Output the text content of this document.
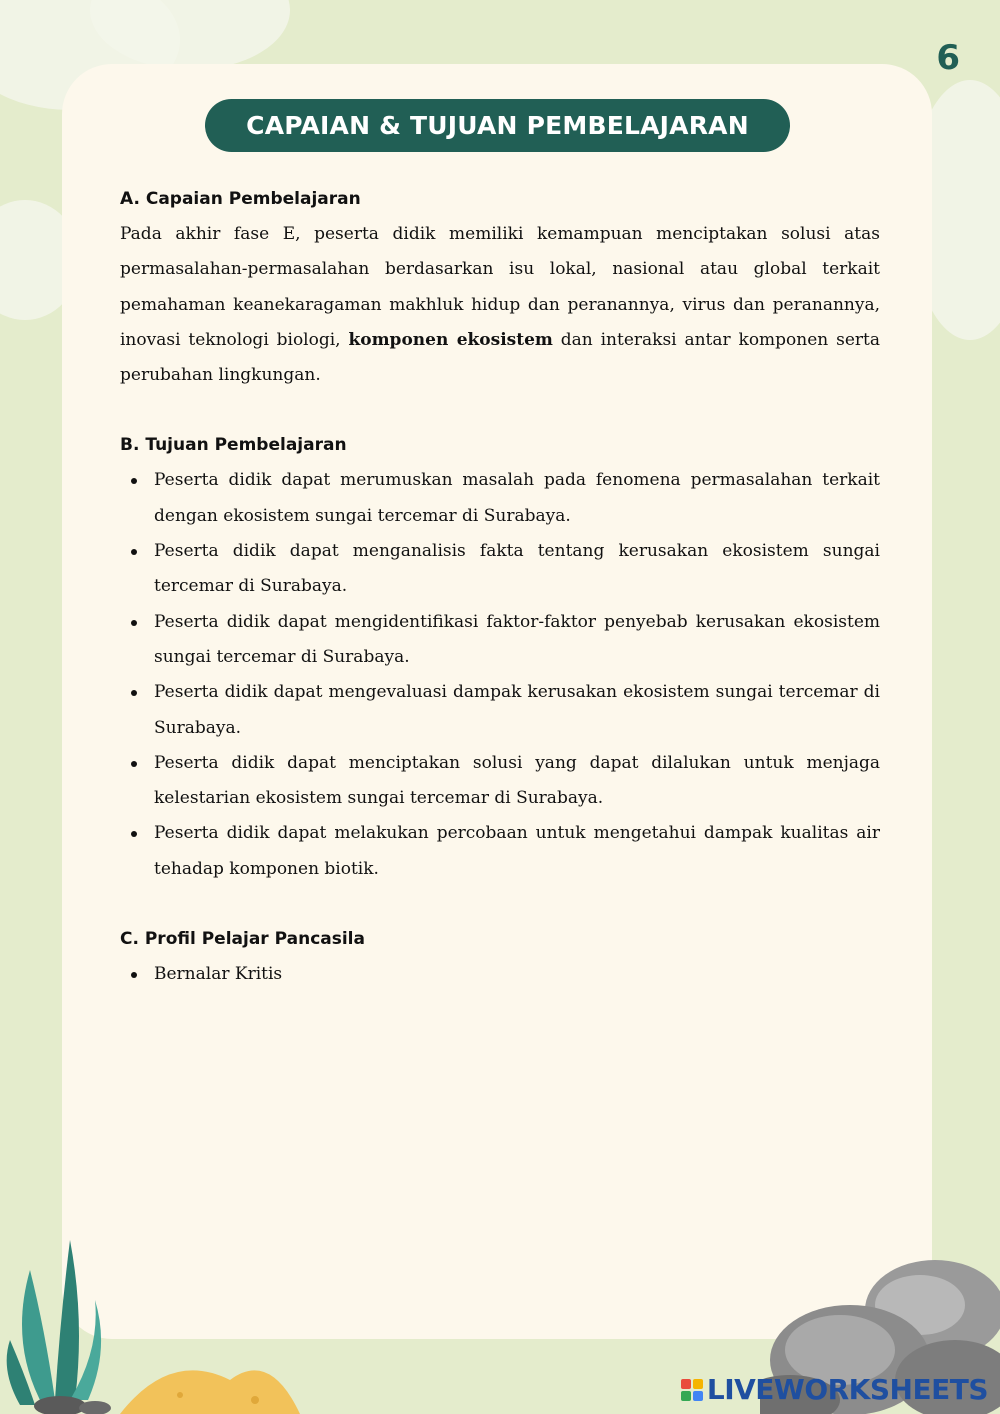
6
CAPAIAN & TUJUAN PEMBELAJARAN

A. Capaian Pembelajaran

Pada akhir fase E, peserta didik memiliki kemampuan menciptakan solusi atas permasalahan-permasalahan berdasarkan isu lokal, nasional atau global terkait pemahaman keanekaragaman makhluk hidup dan peranannya, virus dan peranannya, inovasi teknologi biologi, komponen ekosistem dan interaksi antar komponen serta perubahan lingkungan.

B. Tujuan Pembelajaran

Peserta didik dapat merumuskan masalah pada fenomena permasalahan terkait dengan ekosistem sungai tercemar di Surabaya.
Peserta didik dapat menganalisis fakta tentang kerusakan ekosistem sungai tercemar di Surabaya.
Peserta didik dapat mengidentifikasi faktor-faktor penyebab kerusakan ekosistem sungai tercemar di Surabaya.
Peserta didik dapat mengevaluasi dampak kerusakan ekosistem sungai tercemar di Surabaya.
Peserta didik dapat menciptakan solusi yang dapat dilalukan untuk menjaga kelestarian ekosistem sungai tercemar di Surabaya.
Peserta didik dapat melakukan percobaan untuk mengetahui dampak kualitas air tehadap komponen biotik.

C. Profil Pelajar Pancasila

Bernalar Kritis
LIVEWORKSHEETS
